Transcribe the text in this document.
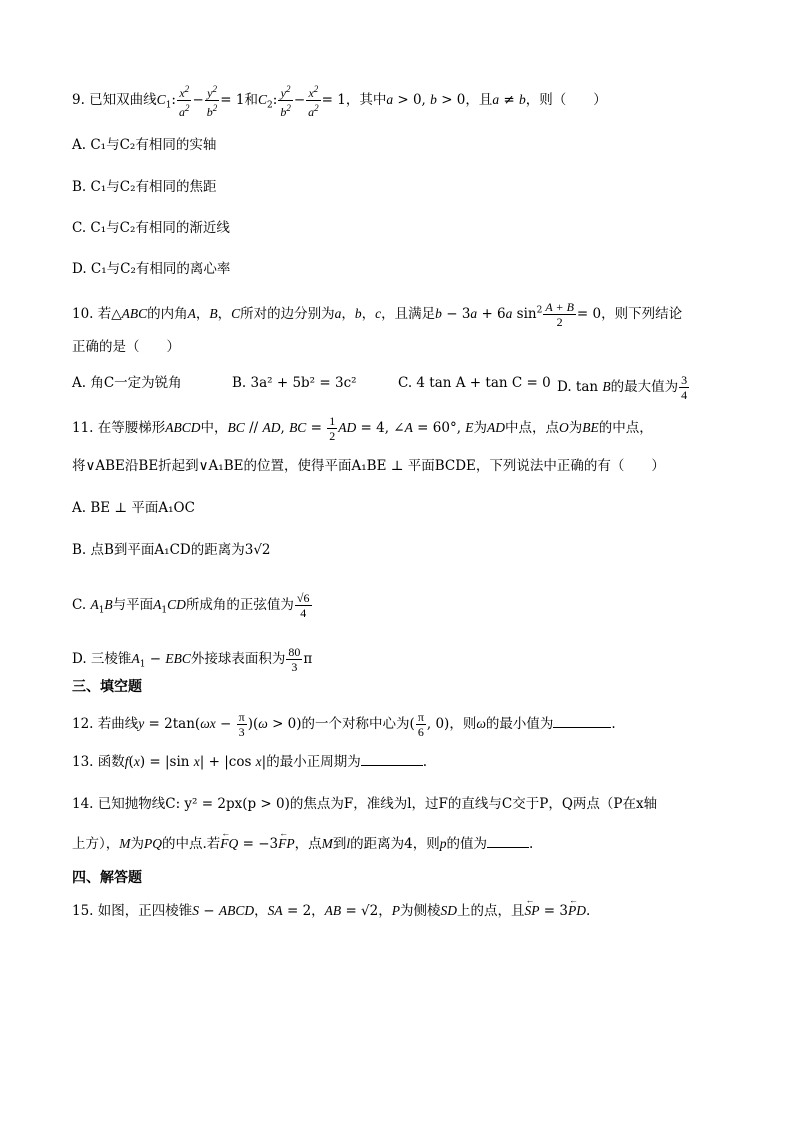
9. 已知双曲线$C_1$: $\frac{x^2}{a^2} - \frac{y^2}{b^2} = 1$和$C_2$: $\frac{y^2}{b^2} - \frac{x^2}{a^2} = 1$，其中a > 0, b > 0，且a ≠ b，则（　　）
A. C₁与C₂有相同的实轴
B. C₁与C₂有相同的焦距
C. C₁与C₂有相同的渐近线
D. C₁与C₂有相同的离心率
10. 若△ABC的内角A，B，C所对的边分别为a，b，c，且满足b − 3a + 6a $\sin^2 \frac{A + B}{2} = 0$，则下列结论
正确的是（　　）
A. 角C一定为锐角	B. 3a² + 5b² = 3c²	C. 4 tan A + tan C = 0 D. tan B的最大值为 $\frac{3}{4}$
11. 在等腰梯形ABCD中，BC // AD, BC = $\frac{1}{2}$ AD = 4, ∠A = 60°, E为AD中点，点O为BE的中点，
将∨ABE沿BE折起到∨A₁BE的位置，使得平面A₁BE ⊥ 平面BCDE，下列说法中正确的有（　　）
A. BE ⊥ 平面A₁OC
B. 点B到平面A₁CD的距离为3√2
C. $A_1B$与平面$A_1CD$所成角的正弦值为 $\frac{√6}{4}$
D. 三棱锥$A_1$ − EBC外接球表面积为 $\frac{80}{3}$ π
三、填空题
12. 若曲线$y = 2\tan(\omega x - \frac{\pi}{3} )(\omega > 0)$的一个对称中心为( $\frac{\pi}{6}$ , 0)，则ω的最小值为	.
13. 函数f(x) = |sin x| + |cos x|的最小正周期为	.
14. 已知抛物线C: y² = 2px(p > 0)的焦点为F，准线为l，过F的直线与C交于P，Q两点（P在x轴
上方），M为PQ的中点.若← FQ = −3← FP，点M到l的距离为4，则p的值为	.
四、解答题
15. 如图，正四棱锥S − ABCD，SA = 2，AB = √2，P为侧棱SD上的点，且← SP = 3← PD.
